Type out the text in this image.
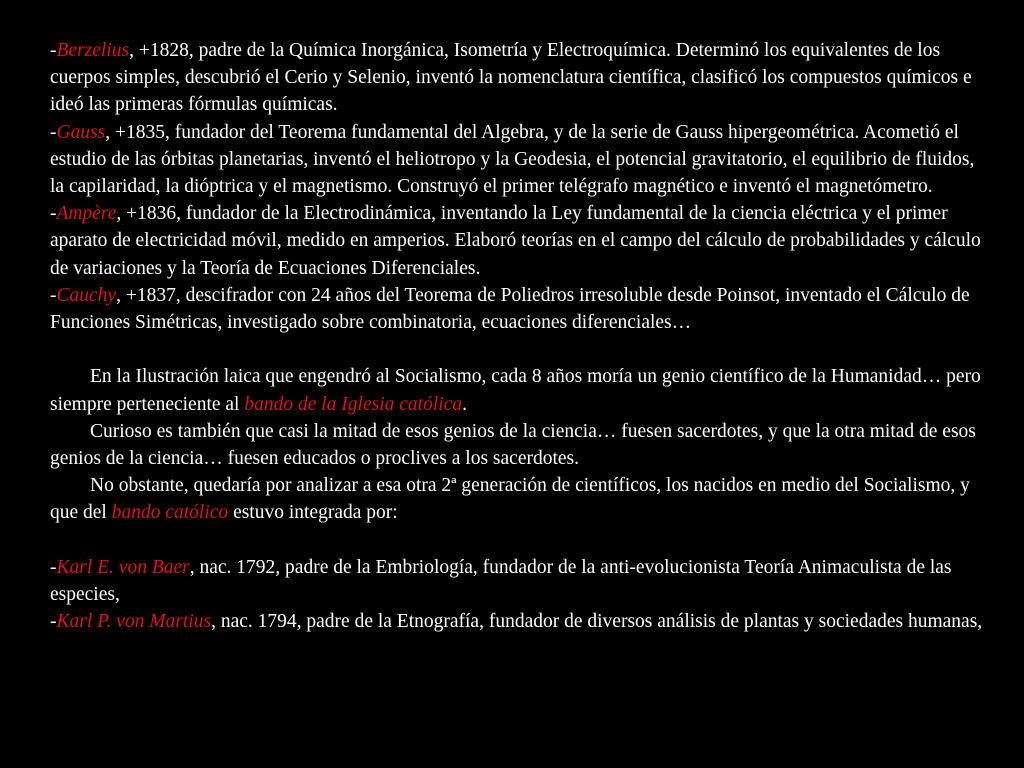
-Berzelius, +1828, padre de la Química Inorgánica, Isometría y Electroquímica. Determinó los equivalentes de los cuerpos simples, descubrió el Cerio y Selenio, inventó la nomenclatura científica, clasificó los compuestos químicos e ideó las primeras fórmulas químicas.

-Gauss, +1835, fundador del Teorema fundamental del Algebra, y de la serie de Gauss hipergeométrica. Acometió el estudio de las órbitas planetarias, inventó el heliotropo y la Geodesia, el potencial gravitatorio, el equilibrio de fluidos, la capilaridad, la dióptrica y el magnetismo. Construyó el primer telégrafo magnético e inventó el magnetómetro.

-Ampère, +1836, fundador de la Electrodinámica, inventando la Ley fundamental de la ciencia eléctrica y el primer aparato de electricidad móvil, medido en amperios. Elaboró teorías en el campo del cálculo de probabilidades y cálculo de variaciones y la Teoría de Ecuaciones Diferenciales.

-Cauchy, +1837, descifrador con 24 años del Teorema de Poliedros irresoluble desde Poinsot, inventado el Cálculo de Funciones Simétricas, investigado sobre combinatoria, ecuaciones diferenciales…

En la Ilustración laica que engendró al Socialismo, cada 8 años moría un genio científico de la Humanidad… pero siempre perteneciente al bando de la Iglesia católica.

Curioso es también que casi la mitad de esos genios de la ciencia… fuesen sacerdotes, y que la otra mitad de esos genios de la ciencia… fuesen educados o proclives a los sacerdotes.

No obstante, quedaría por analizar a esa otra 2ª generación de científicos, los nacidos en medio del Socialismo, y que del bando católico estuvo integrada por:

-Karl E. von Baer, nac. 1792, padre de la Embriología, fundador de la anti-evolucionista Teoría Animaculista de las especies,

-Karl P. von Martius, nac. 1794, padre de la Etnografía, fundador de diversos análisis de plantas y sociedades humanas,
